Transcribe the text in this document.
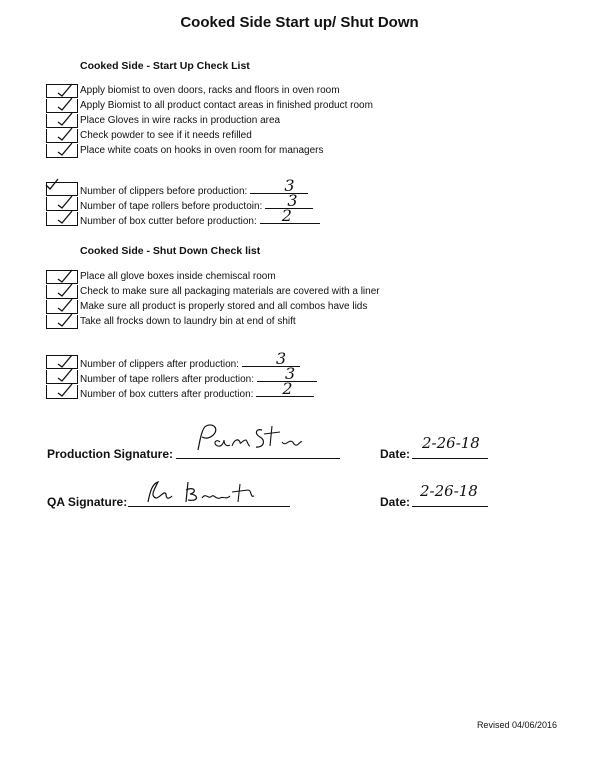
Cooked Side Start up/ Shut Down
Cooked Side - Start Up Check List
Apply biomist to oven doors, racks and floors in oven room
Apply Biomist to all product contact areas in finished product room
Place Gloves in wire racks in production area
Check powder to see if it needs refilled
Place white coats on hooks in oven room for managers
Number of clippers before production: 3
Number of tape rollers before productoin: 3
Number of box cutter before production: 2
Cooked Side - Shut Down Check list
Place all glove boxes inside chemiscal room
Check to make sure all packaging materials are covered with a liner
Make sure all product is properly stored and all combos have lids
Take all frocks down to laundry bin at end of shift
Number of clippers after production: 3
Number of tape rollers after production: 3
Number of box cutters after production: 2
Production Signature:	Date:
2-26-18
QA Signature:	Date:
2-26-18
Revised 04/06/2016
